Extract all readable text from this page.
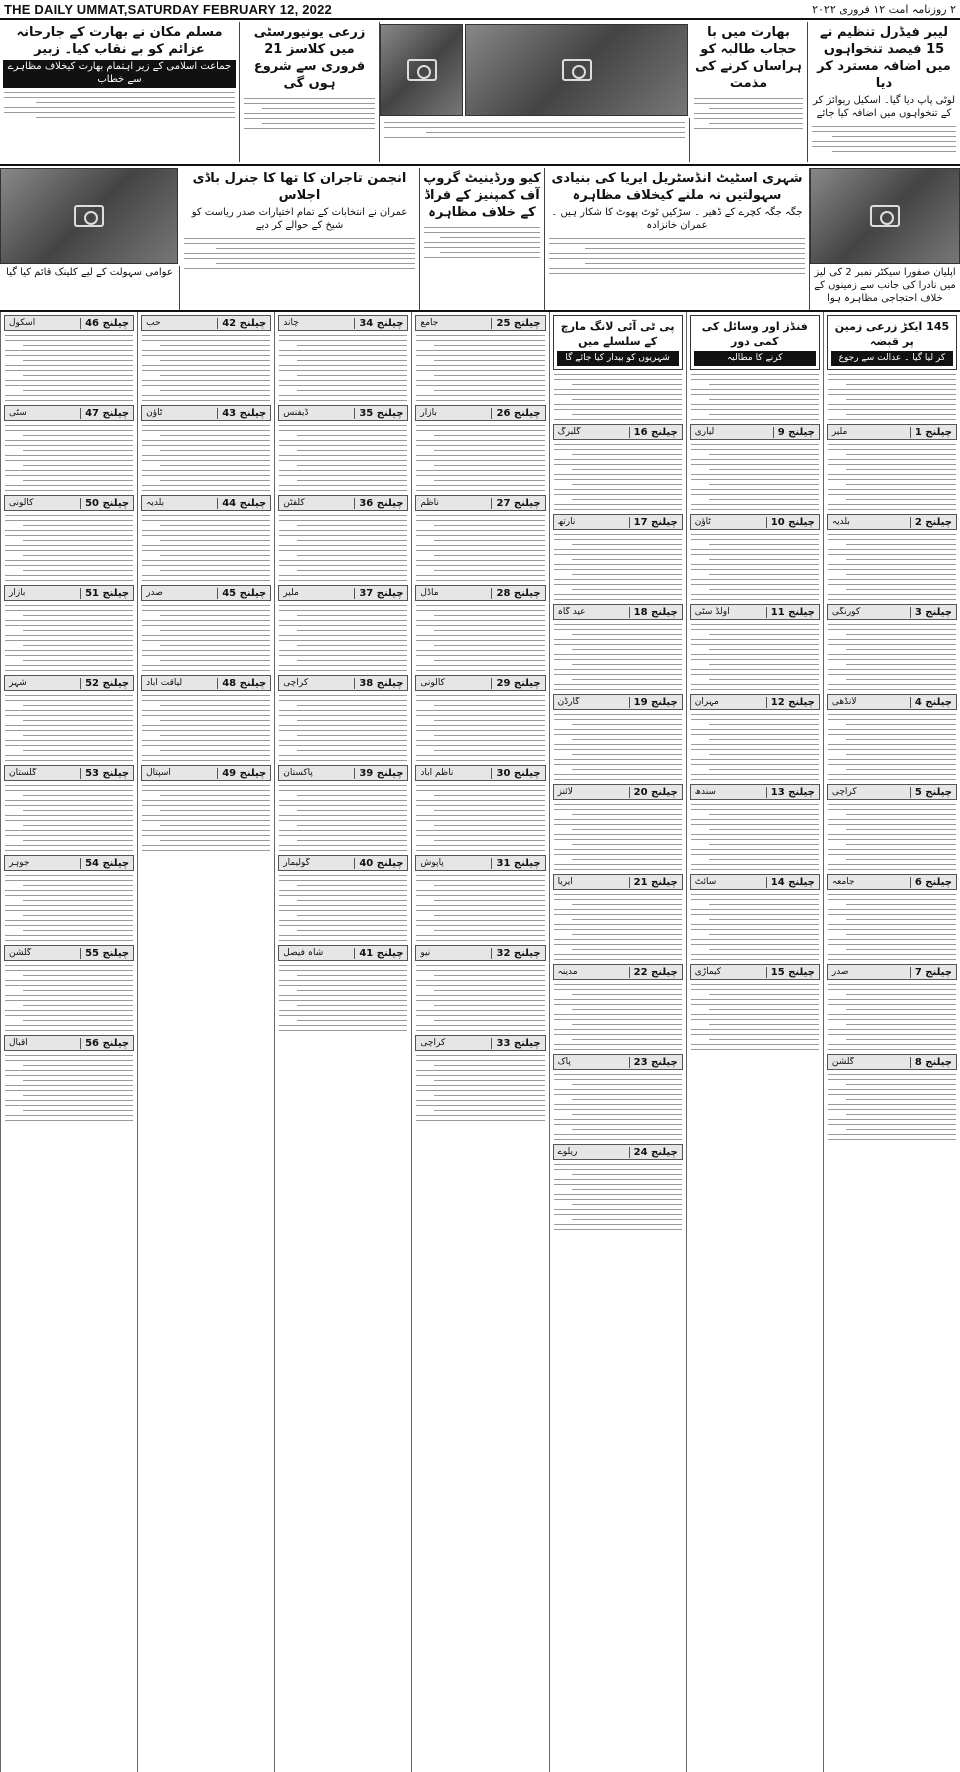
THE DAILY UMMAT,SATURDAY FEBRUARY 12, 2022	۲ روزنامہ امت ۱۲ فروری ۲۰۲۲
لیبر فیڈرل تنظیم نے 15 فیصد تنخواہوں میں اضافہ مسترد کر دیا
لوٹی پاپ دیا گیا۔ اسکیل ریوائز کر کے تنخواہوں میں اضافہ کیا جائے
بھارت میں با حجاب طالبہ کو ہراساں کرنے کی مذمت
زرعی یونیورسٹی میں کلاسز 21 فروری سے شروع ہوں گی
مسلم مکان نے بھارت کے جارحانہ عزائم کو بے نقاب کیا۔ زبیر
جماعت اسلامی کے زیر اہتمام بھارت کیخلاف مظاہرے سے خطاب
اپلیان صفورا سیکٹر نمبر 2 کی لیز میں نادرا کی جانب سے زمینوں کے خلاف احتجاجی مظاہرہ ہوا
شہری اسٹیٹ انڈسٹریل ایریا کی بنیادی سہولتیں نہ ملنے کیخلاف مظاہرہ
جگہ جگہ کچرے کے ڈھیر ۔ سڑکیں ٹوٹ پھوٹ کا شکار ہیں ۔ عمران خانزادہ
کیو ورڈینیٹ گروپ آف کمپنیز کے فراڈ کے خلاف مظاہرہ
انجمن تاجران کا تھا کا جنرل باڈی اجلاس
عمران نے انتخابات کے تمام اختیارات صدر ریاست کو شیخ کے حوالے کر دیے
عوامی سہولت کے لیے کلینک قائم کیا گیا
145 ایکڑ زرعی زمین پر قبضہ
کر لیا گیا ۔ عدالت سے رجوع
چیلنج 1
ملیر
چیلنج 2
بلدیہ
چیلنج 3
کورنگی
چیلنج 4
لانڈھی
چیلنج 5
کراچی
چیلنج 6
جامعہ
چیلنج 7
صدر
چیلنج 8
گلشن
فنڈز اور وسائل کی کمی دور
کرنے کا مطالبہ
چیلنج 9
لیاری
چیلنج 10
ٹاؤن
چیلنج 11
اولڈ سٹی
چیلنج 12
مہران
چیلنج 13
سندھ
چیلنج 14
سائٹ
چیلنج 15
کیماڑی
پی ٹی آئی لانگ مارچ کے سلسلے میں
شہریوں کو بیدار کیا جائے گا
چیلنج 16
گلبرگ
چیلنج 17
نارتھ
چیلنج 18
عید گاہ
چیلنج 19
گارڈن
چیلنج 20
لائنز
چیلنج 21
ایریا
چیلنج 22
مدینہ
چیلنج 23
پاک
چیلنج 24
ریلوے
چیلنج 25
جامع
چیلنج 26
بازار
چیلنج 27
ناظم
چیلنج 28
ماڈل
چیلنج 29
کالونی
چیلنج 30
ناظم آباد
چیلنج 31
پاپوش
چیلنج 32
نیو
چیلنج 33
کراچی
چیلنج 34
چاند
چیلنج 35
ڈیفنس
چیلنج 36
کلفٹن
چیلنج 37
ملیر
چیلنج 38
کراچی
چیلنج 39
پاکستان
چیلنج 40
گولیمار
چیلنج 41
شاہ فیصل
چیلنج 42
حب
چیلنج 43
ٹاؤن
چیلنج 44
بلدیہ
چیلنج 45
صدر
چیلنج 48
لیاقت آباد
چیلنج 49
اسپتال
چیلنج 46
اسکول
چیلنج 47
سٹی
چیلنج 50
کالونی
چیلنج 51
بازار
چیلنج 52
شہر
چیلنج 53
گلستان
چیلنج 54
جوہر
چیلنج 55
گلشن
چیلنج 56
اقبال
